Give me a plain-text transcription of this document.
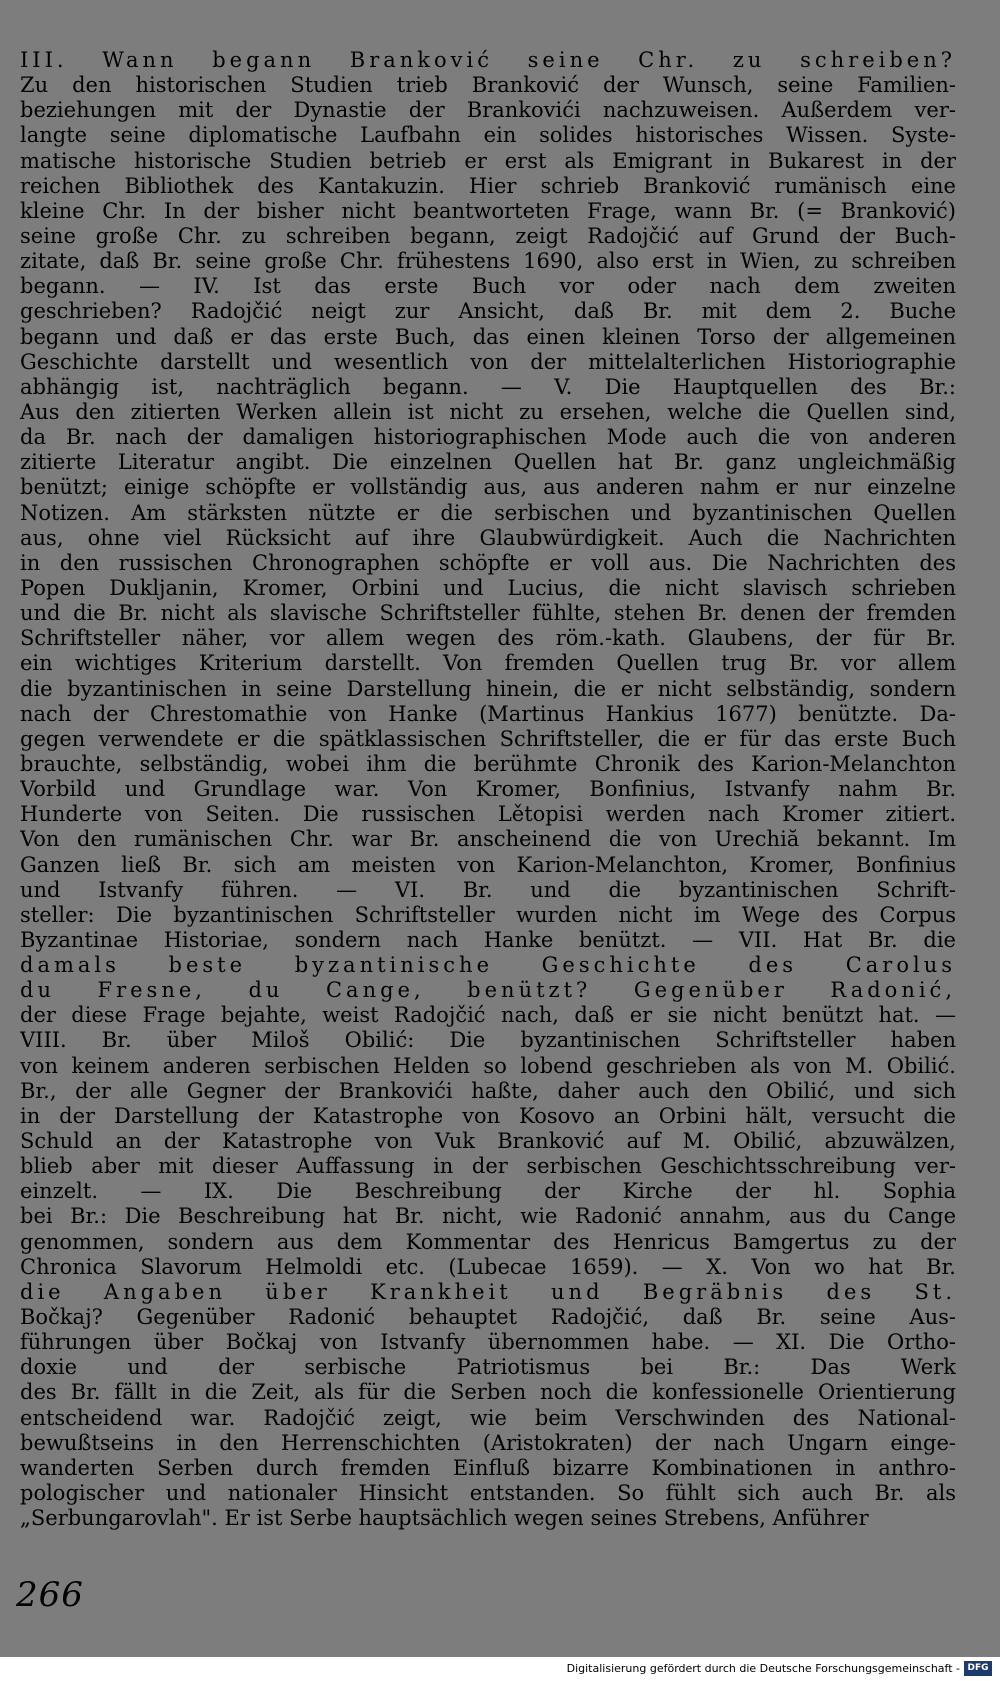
III. Wann begann Branković seine Chr. zu schreiben?
Zu den historischen Studien trieb Branković der Wunsch, seine Familien-
beziehungen mit der Dynastie der Brankovići nachzuweisen. Außerdem ver-
langte seine diplomatische Laufbahn ein solides historisches Wissen. Syste-
matische historische Studien betrieb er erst als Emigrant in Bukarest in der
reichen Bibliothek des Kantakuzin. Hier schrieb Branković rumänisch eine
kleine Chr. In der bisher nicht beantworteten Frage, wann Br. (= Branković)
seine große Chr. zu schreiben begann, zeigt Radojčić auf Grund der Buch-
zitate, daß Br. seine große Chr. frühestens 1690, also erst in Wien, zu schreiben
begann. — IV. Ist das erste Buch vor oder nach dem zweiten
geschrieben? Radojčić neigt zur Ansicht, daß Br. mit dem 2. Buche
begann und daß er das erste Buch, das einen kleinen Torso der allgemeinen
Geschichte darstellt und wesentlich von der mittelalterlichen Historiographie
abhängig ist, nachträglich begann. — V. Die Hauptquellen des Br.:
Aus den zitierten Werken allein ist nicht zu ersehen, welche die Quellen sind,
da Br. nach der damaligen historiographischen Mode auch die von anderen
zitierte Literatur angibt. Die einzelnen Quellen hat Br. ganz ungleichmäßig
benützt; einige schöpfte er vollständig aus, aus anderen nahm er nur einzelne
Notizen. Am stärksten nützte er die serbischen und byzantinischen Quellen
aus, ohne viel Rücksicht auf ihre Glaubwürdigkeit. Auch die Nachrichten
in den russischen Chronographen schöpfte er voll aus. Die Nachrichten des
Popen Dukljanin, Kromer, Orbini und Lucius, die nicht slavisch schrieben
und die Br. nicht als slavische Schriftsteller fühlte, stehen Br. denen der fremden
Schriftsteller näher, vor allem wegen des röm.-kath. Glaubens, der für Br.
ein wichtiges Kriterium darstellt. Von fremden Quellen trug Br. vor allem
die byzantinischen in seine Darstellung hinein, die er nicht selbständig, sondern
nach der Chrestomathie von Hanke (Martinus Hankius 1677) benützte. Da-
gegen verwendete er die spätklassischen Schriftsteller, die er für das erste Buch
brauchte, selbständig, wobei ihm die berühmte Chronik des Karion-Melanchton
Vorbild und Grundlage war. Von Kromer, Bonfinius, Istvanfy nahm Br.
Hunderte von Seiten. Die russischen Lětopisi werden nach Kromer zitiert.
Von den rumänischen Chr. war Br. anscheinend die von Urechiă bekannt. Im
Ganzen ließ Br. sich am meisten von Karion-Melanchton, Kromer, Bonfinius
und Istvanfy führen. — VI. Br. und die byzantinischen Schrift-
steller: Die byzantinischen Schriftsteller wurden nicht im Wege des Corpus
Byzantinae Historiae, sondern nach Hanke benützt. — VII. Hat Br. die
damals beste byzantinische Geschichte des Carolus
du Fresne, du Cange, benützt? Gegenüber Radonić,
der diese Frage bejahte, weist Radojčić nach, daß er sie nicht benützt hat. —
VIII. Br. über Miloš Obilić: Die byzantinischen Schriftsteller haben
von keinem anderen serbischen Helden so lobend geschrieben als von M. Obilić.
Br., der alle Gegner der Brankovići haßte, daher auch den Obilić, und sich
in der Darstellung der Katastrophe von Kosovo an Orbini hält, versucht die
Schuld an der Katastrophe von Vuk Branković auf M. Obilić, abzuwälzen,
blieb aber mit dieser Auffassung in der serbischen Geschichtsschreibung ver-
einzelt. — IX. Die Beschreibung der Kirche der hl. Sophia
bei Br.: Die Beschreibung hat Br. nicht, wie Radonić annahm, aus du Cange
genommen, sondern aus dem Kommentar des Henricus Bamgertus zu der
Chronica Slavorum Helmoldi etc. (Lubecae 1659). — X. Von wo hat Br.
die Angaben über Krankheit und Begräbnis des St.
Bočkaj? Gegenüber Radonić behauptet Radojčić, daß Br. seine Aus-
führungen über Bočkaj von Istvanfy übernommen habe. — XI. Die Ortho-
doxie und der serbische Patriotismus bei Br.: Das Werk
des Br. fällt in die Zeit, als für die Serben noch die konfessionelle Orientierung
entscheidend war. Radojčić zeigt, wie beim Verschwinden des National-
bewußtseins in den Herrenschichten (Aristokraten) der nach Ungarn einge-
wanderten Serben durch fremden Einfluß bizarre Kombinationen in anthro-
pologischer und nationaler Hinsicht entstanden. So fühlt sich auch Br. als
„Serbungarovlah". Er ist Serbe hauptsächlich wegen seines Strebens, Anführer
266
Digitalisierung gefördert durch die Deutsche Forschungsgemeinschaft - DFG
